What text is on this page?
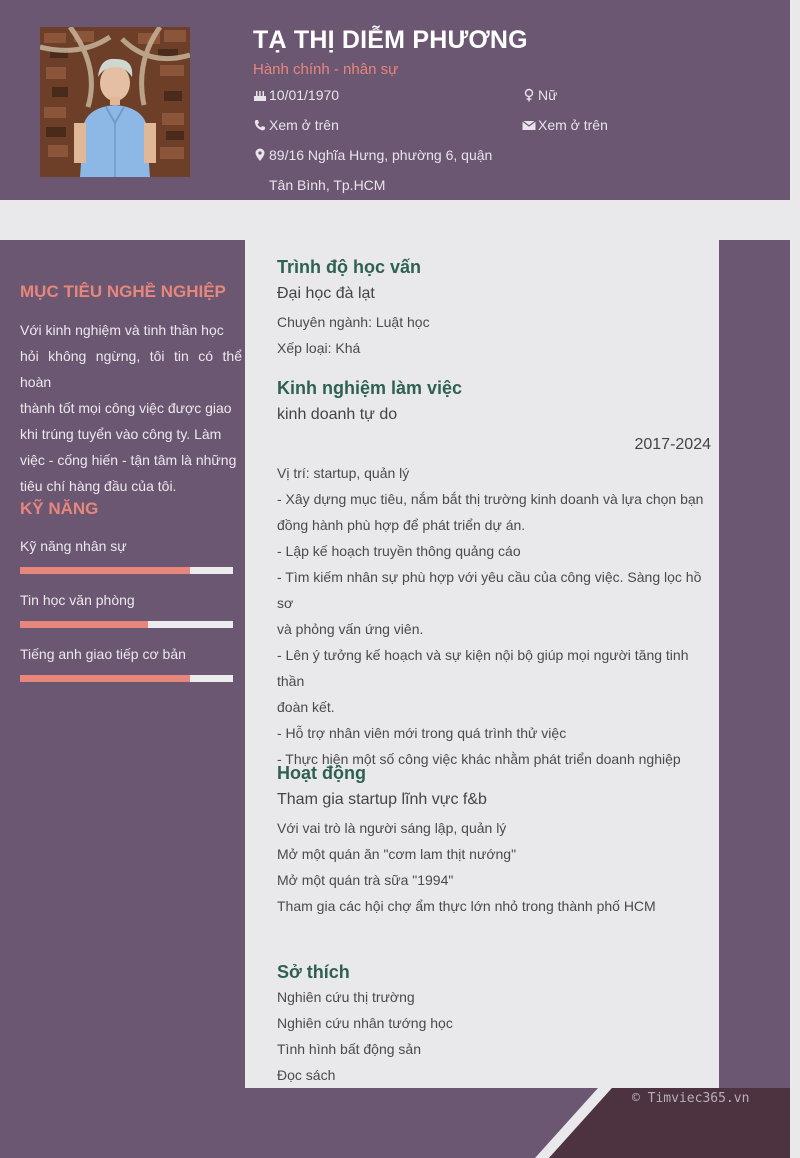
TẠ THỊ DIỄM PHƯƠNG
Hành chính - nhân sự
10/01/1970	Nữ
Xem ở trên	Xem ở trên
89/16 Nghĩa Hưng, phường 6, quận
Tân Bình, Tp.HCM
MỤC TIÊU NGHỀ NGHIỆP
Với kinh nghiệm và tinh thần học
hỏi không ngừng, tôi tin có thể hoàn
thành tốt mọi công việc được giao
khi trúng tuyển vào công ty. Làm
việc - cống hiến - tận tâm là những
tiêu chí hàng đầu của tôi.
KỸ NĂNG
Kỹ năng nhân sự
Tin học văn phòng
Tiếng anh giao tiếp cơ bản
Trình độ học vấn
Đại học đà lạt
Chuyên ngành: Luật học
Xếp loại: Khá
Kinh nghiệm làm việc
kinh doanh tự do
2017-2024
Vị trí: startup, quản lý
- Xây dựng mục tiêu, nắm bắt thị trường kinh doanh và lựa chọn bạn
đồng hành phù hợp để phát triển dự án.
- Lập kế hoạch truyền thông quảng cáo
- Tìm kiếm nhân sự phù hợp với yêu cầu của công việc. Sàng lọc hồ sơ
và phỏng vấn ứng viên.
- Lên ý tưởng kế hoạch và sự kiện nội bộ giúp mọi người tăng tinh thần
đoàn kết.
- Hỗ trợ nhân viên mới trong quá trình thử việc
- Thực hiện một số công việc khác nhằm phát triển doanh nghiệp
Hoạt động
Tham gia startup lĩnh vực f&b
Với vai trò là người sáng lập, quản lý
Mở một quán ăn "cơm lam thịt nướng"
Mở một quán trà sữa "1994"
Tham gia các hội chợ ẩm thực lớn nhỏ trong thành phố HCM
Sở thích
Nghiên cứu thị trường
Nghiên cứu nhân tướng học
Tình hình bất động sản
Đọc sách
© Timviec365.vn
